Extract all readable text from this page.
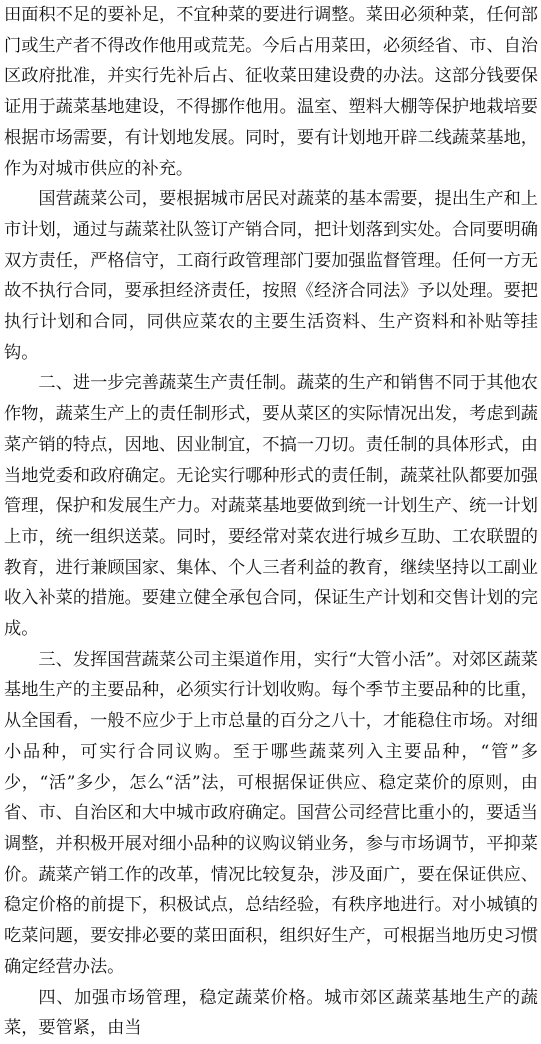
田面积不足的要补足，不宜种菜的要进行调整。菜田必须种菜，任何部门或生产者不得改作他用或荒芜。今后占用菜田，必须经省、市、自治区政府批准，并实行先补后占、征收菜田建设费的办法。这部分钱要保证用于蔬菜基地建设，不得挪作他用。温室、塑料大棚等保护地栽培要根据市场需要，有计划地发展。同时，要有计划地开辟二线蔬菜基地，作为对城市供应的补充。

国营蔬菜公司，要根据城市居民对蔬菜的基本需要，提出生产和上市计划，通过与蔬菜社队签订产销合同，把计划落到实处。合同要明确双方责任，严格信守，工商行政管理部门要加强监督管理。任何一方无故不执行合同，要承担经济责任，按照《经济合同法》予以处理。要把执行计划和合同，同供应菜农的主要生活资料、生产资料和补贴等挂钩。

二、进一步完善蔬菜生产责任制。蔬菜的生产和销售不同于其他农作物，蔬菜生产上的责任制形式，要从菜区的实际情况出发，考虑到蔬菜产销的特点，因地、因业制宜，不搞一刀切。责任制的具体形式，由当地党委和政府确定。无论实行哪种形式的责任制，蔬菜社队都要加强管理，保护和发展生产力。对蔬菜基地要做到统一计划生产、统一计划上市，统一组织送菜。同时，要经常对菜农进行城乡互助、工农联盟的教育，进行兼顾国家、集体、个人三者利益的教育，继续坚持以工副业收入补菜的措施。要建立健全承包合同，保证生产计划和交售计划的完成。

三、发挥国营蔬菜公司主渠道作用，实行“大管小活”。对郊区蔬菜基地生产的主要品种，必须实行计划收购。每个季节主要品种的比重，从全国看，一般不应少于上市总量的百分之八十，才能稳住市场。对细小品种，可实行合同议购。至于哪些蔬菜列入主要品种，“管”多少，“活”多少，怎么“活”法，可根据保证供应、稳定菜价的原则，由省、市、自治区和大中城市政府确定。国营公司经营比重小的，要适当调整，并积极开展对细小品种的议购议销业务，参与市场调节，平抑菜价。蔬菜产销工作的改革，情况比较复杂，涉及面广，要在保证供应、稳定价格的前提下，积极试点，总结经验，有秩序地进行。对小城镇的吃菜问题，要安排必要的菜田面积，组织好生产，可根据当地历史习惯确定经营办法。

四、加强市场管理，稳定蔬菜价格。城市郊区蔬菜基地生产的蔬菜，要管紧，由当
